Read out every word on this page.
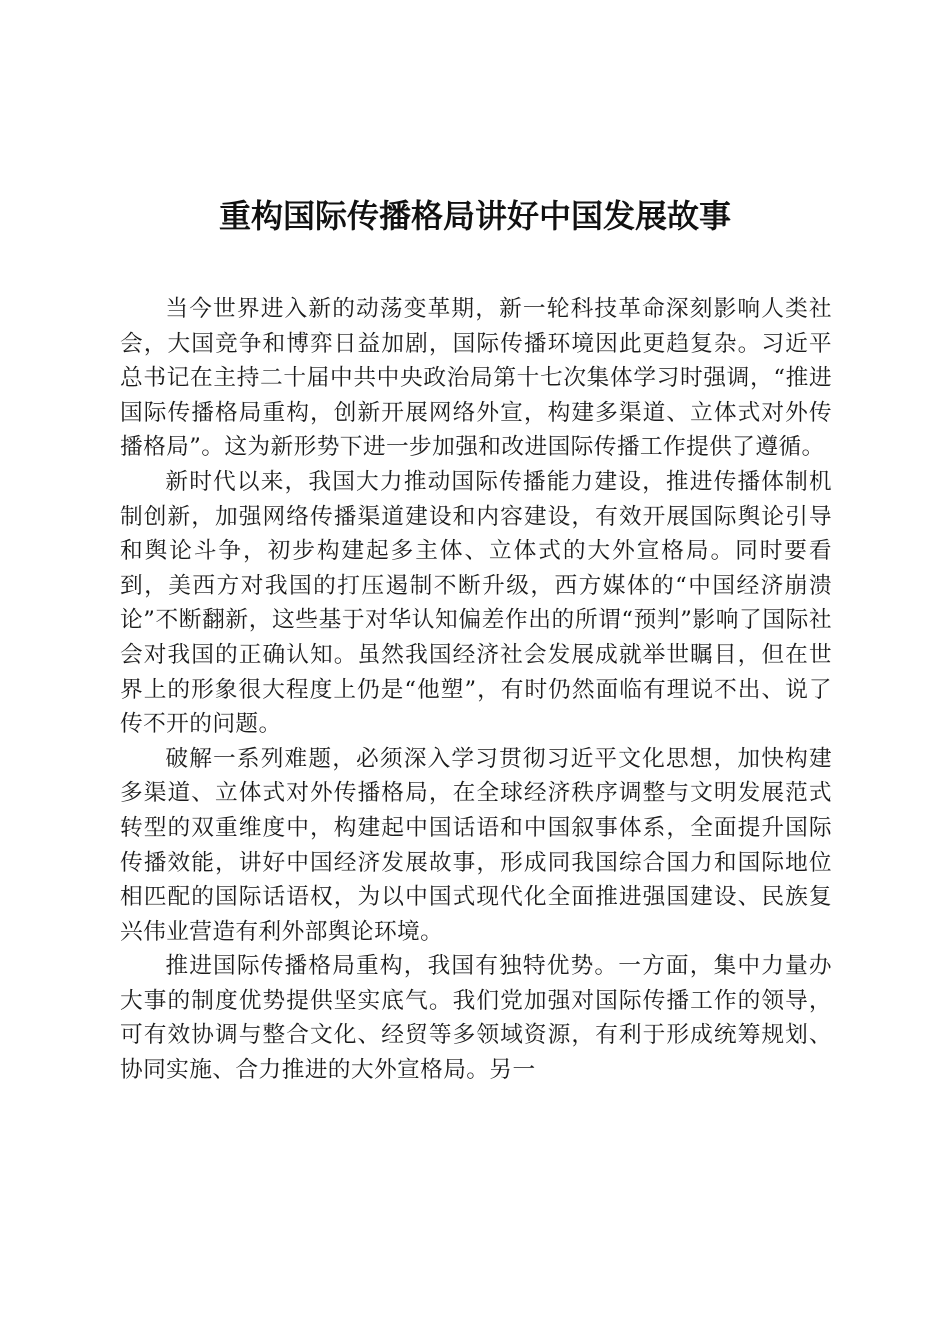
重构国际传播格局讲好中国发展故事

当今世界进入新的动荡变革期，新一轮科技革命深刻影响人类社会，大国竞争和博弈日益加剧，国际传播环境因此更趋复杂。习近平总书记在主持二十届中共中央政治局第十七次集体学习时强调，“推进国际传播格局重构，创新开展网络外宣，构建多渠道、立体式对外传播格局”。这为新形势下进一步加强和改进国际传播工作提供了遵循。

新时代以来，我国大力推动国际传播能力建设，推进传播体制机制创新，加强网络传播渠道建设和内容建设，有效开展国际舆论引导和舆论斗争，初步构建起多主体、立体式的大外宣格局。同时要看到，美西方对我国的打压遏制不断升级，西方媒体的“中国经济崩溃论”不断翻新，这些基于对华认知偏差作出的所谓“预判”影响了国际社会对我国的正确认知。虽然我国经济社会发展成就举世瞩目，但在世界上的形象很大程度上仍是“他塑”，有时仍然面临有理说不出、说了传不开的问题。

破解一系列难题，必须深入学习贯彻习近平文化思想，加快构建多渠道、立体式对外传播格局，在全球经济秩序调整与文明发展范式转型的双重维度中，构建起中国话语和中国叙事体系，全面提升国际传播效能，讲好中国经济发展故事，形成同我国综合国力和国际地位相匹配的国际话语权，为以中国式现代化全面推进强国建设、民族复兴伟业营造有利外部舆论环境。

推进国际传播格局重构，我国有独特优势。一方面，集中力量办大事的制度优势提供坚实底气。我们党加强对国际传播工作的领导，可有效协调与整合文化、经贸等多领域资源，有利于形成统筹规划、协同实施、合力推进的大外宣格局。另一
